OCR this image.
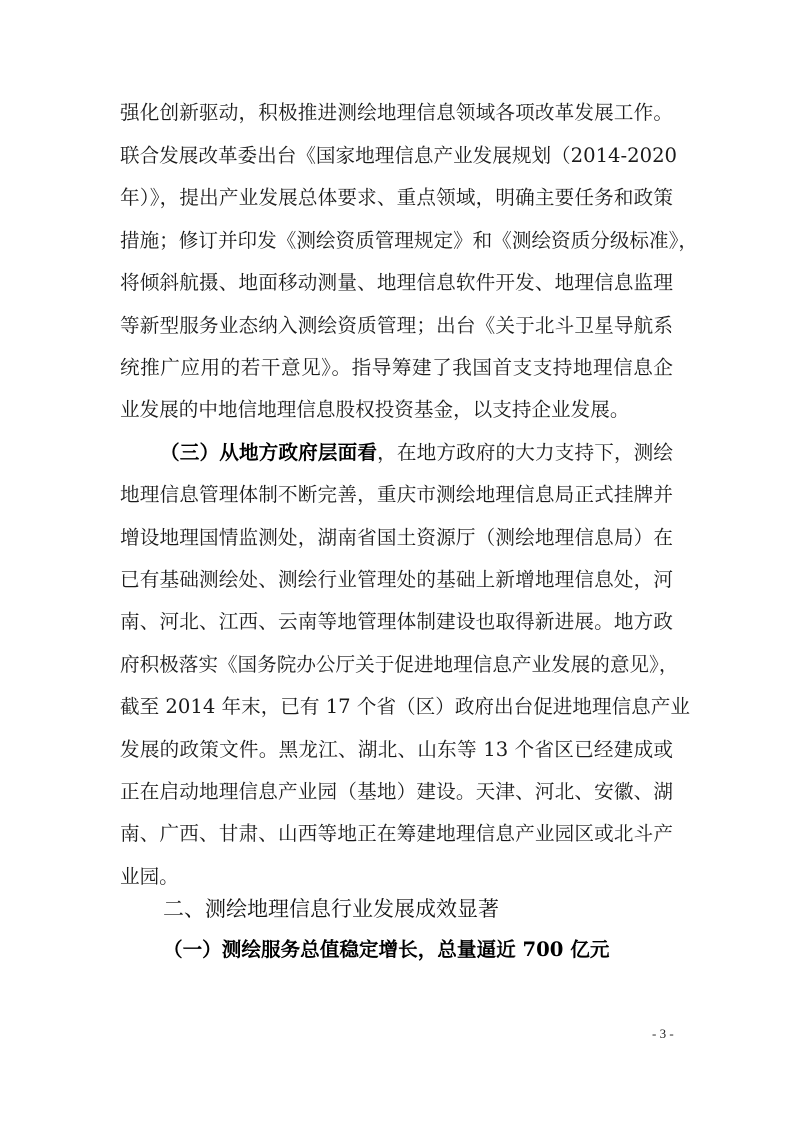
强化创新驱动，积极推进测绘地理信息领域各项改革发展工作。
联合发展改革委出台《国家地理信息产业发展规划（2014-2020
年）》，提出产业发展总体要求、重点领域，明确主要任务和政策
措施；修订并印发《测绘资质管理规定》和《测绘资质分级标准》，
将倾斜航摄、地面移动测量、地理信息软件开发、地理信息监理
等新型服务业态纳入测绘资质管理；出台《关于北斗卫星导航系
统推广应用的若干意见》。指导筹建了我国首支支持地理信息企
业发展的中地信地理信息股权投资基金，以支持企业发展。
（三）从地方政府层面看，在地方政府的大力支持下，测绘
地理信息管理体制不断完善，重庆市测绘地理信息局正式挂牌并
增设地理国情监测处，湖南省国土资源厅（测绘地理信息局）在
已有基础测绘处、测绘行业管理处的基础上新增地理信息处，河
南、河北、江西、云南等地管理体制建设也取得新进展。地方政
府积极落实《国务院办公厅关于促进地理信息产业发展的意见》，
截至 2014 年末，已有 17 个省（区）政府出台促进地理信息产业
发展的政策文件。黑龙江、湖北、山东等 13 个省区已经建成或
正在启动地理信息产业园（基地）建设。天津、河北、安徽、湖
南、广西、甘肃、山西等地正在筹建地理信息产业园区或北斗产
业园。
二、测绘地理信息行业发展成效显著
（一）测绘服务总值稳定增长，总量逼近 700 亿元
- 3 -
